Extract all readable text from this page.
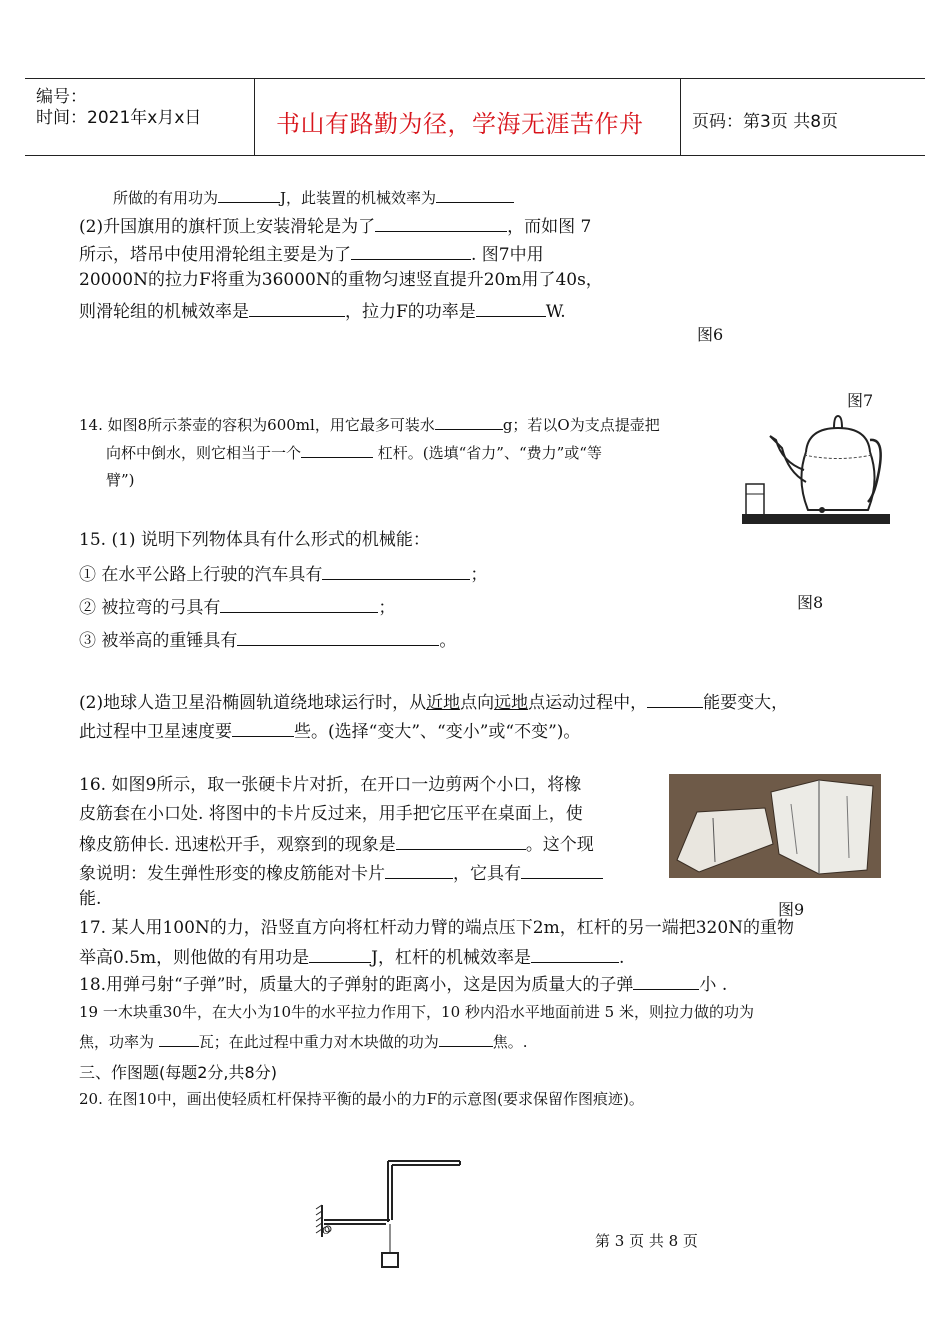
编号：
时间：2021年x月x日	书山有路勤为径，学海无涯苦作舟	页码：第3页 共8页
所做的有用功为	J，此装置的机械效率为
(2)升国旗用的旗杆顶上安装滑轮是为了	，而如图 7
所示，塔吊中使用滑轮组主要是为了	. 图7中用
20000N的拉力F将重为36000N的重物匀速竖直提升20m用了40s，
则滑轮组的机械效率是	，拉力F的功率是	W.
图6
图7
14. 如图8所示茶壶的容积为600ml，用它最多可装水	g；若以O为支点提壶把
向杯中倒水，则它相当于一个	杠杆。(选填“省力”、“费力”或“等
臂”)
15. (1) 说明下列物体具有什么形式的机械能：
① 在水平公路上行驶的汽车具有	；
② 被拉弯的弓具有	；	图8
③ 被举高的重锤具有	。
(2)地球人造卫星沿椭圆轨道绕地球运行时，从近地点向远地点运动过程中，	能要变大，
此过程中卫星速度要	些。(选择“变大”、“变小”或“不变”)。
16. 如图9所示，取一张硬卡片对折，在开口一边剪两个小口，将橡
皮筋套在小口处. 将图中的卡片反过来，用手把它压平在桌面上，使
橡皮筋伸长. 迅速松开手，观察到的现象是	。这个现
象说明：发生弹性形变的橡皮筋能对卡片	，它具有
能.
图9
17. 某人用100N的力，沿竖直方向将杠杆动力臂的端点压下2m，杠杆的另一端把320N的重物
举高0.5m，则他做的有用功是	J，杠杆的机械效率是	.
18.用弹弓射“子弹”时，质量大的子弹射的距离小，这是因为质量大的子弹	小 .
19 一木块重30牛，在大小为10牛的水平拉力作用下，10 秒内沿水平地面前进 5 米，则拉力做的功为
焦，功率为	瓦；在此过程中重力对木块做的功为	焦。.
三、作图题(每题2分,共8分)
20. 在图10中，画出使轻质杠杆保持平衡的最小的力F的示意图(要求保留作图痕迹)。
O
第 3 页 共 8 页
